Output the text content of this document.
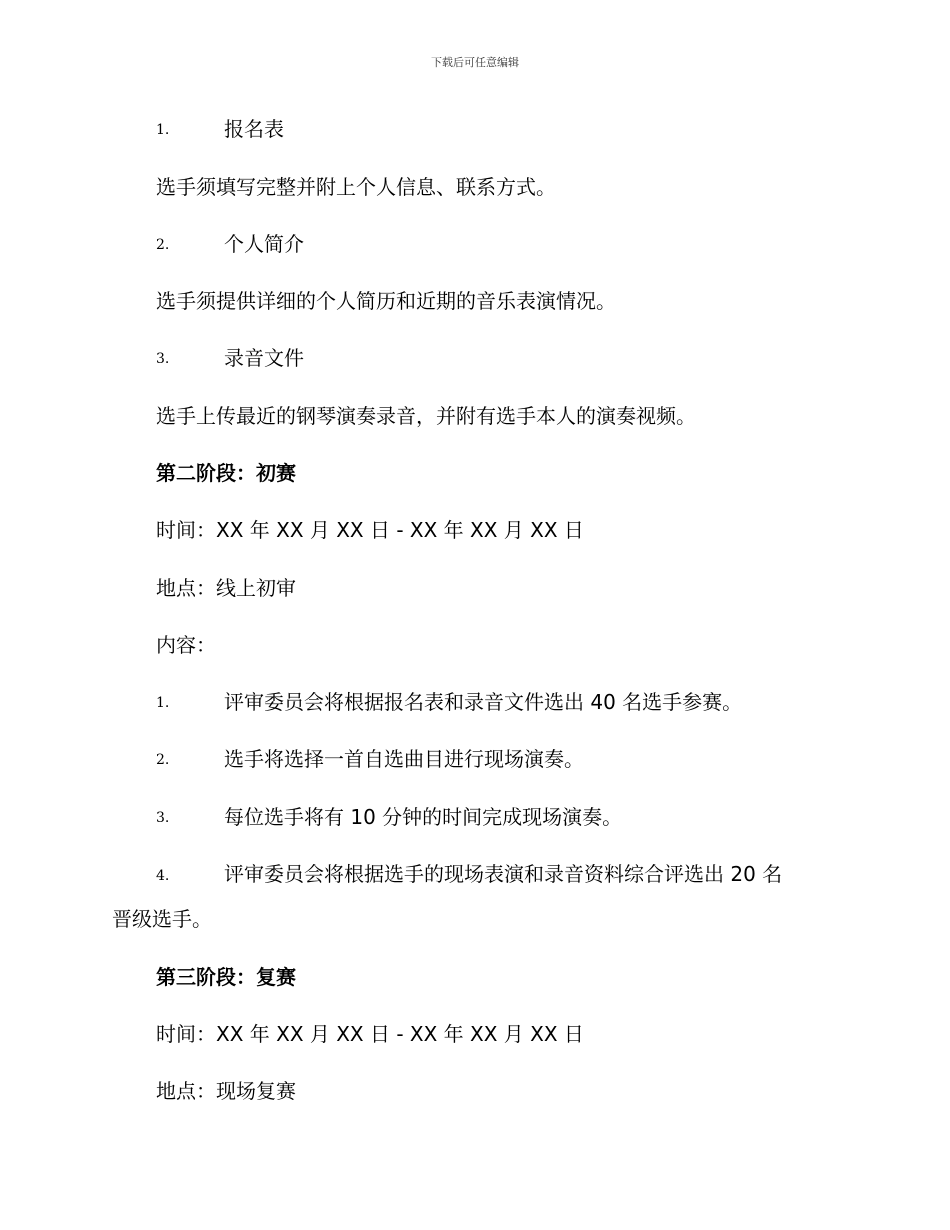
下载后可任意编辑
1.	报名表
选手须填写完整并附上个人信息、联系方式。
2.	个人简介
选手须提供详细的个人简历和近期的音乐表演情况。
3.	录音文件
选手上传最近的钢琴演奏录音，并附有选手本人的演奏视频。
第二阶段：初赛
时间：XX 年 XX 月 XX 日 - XX 年 XX 月 XX 日
地点：线上初审
内容：
1.	评审委员会将根据报名表和录音文件选出 40 名选手参赛。
2.	选手将选择一首自选曲目进行现场演奏。
3.	每位选手将有 10 分钟的时间完成现场演奏。
4.	评审委员会将根据选手的现场表演和录音资料综合评选出 20 名
晋级选手。
第三阶段：复赛
时间：XX 年 XX 月 XX 日 - XX 年 XX 月 XX 日
地点：现场复赛
